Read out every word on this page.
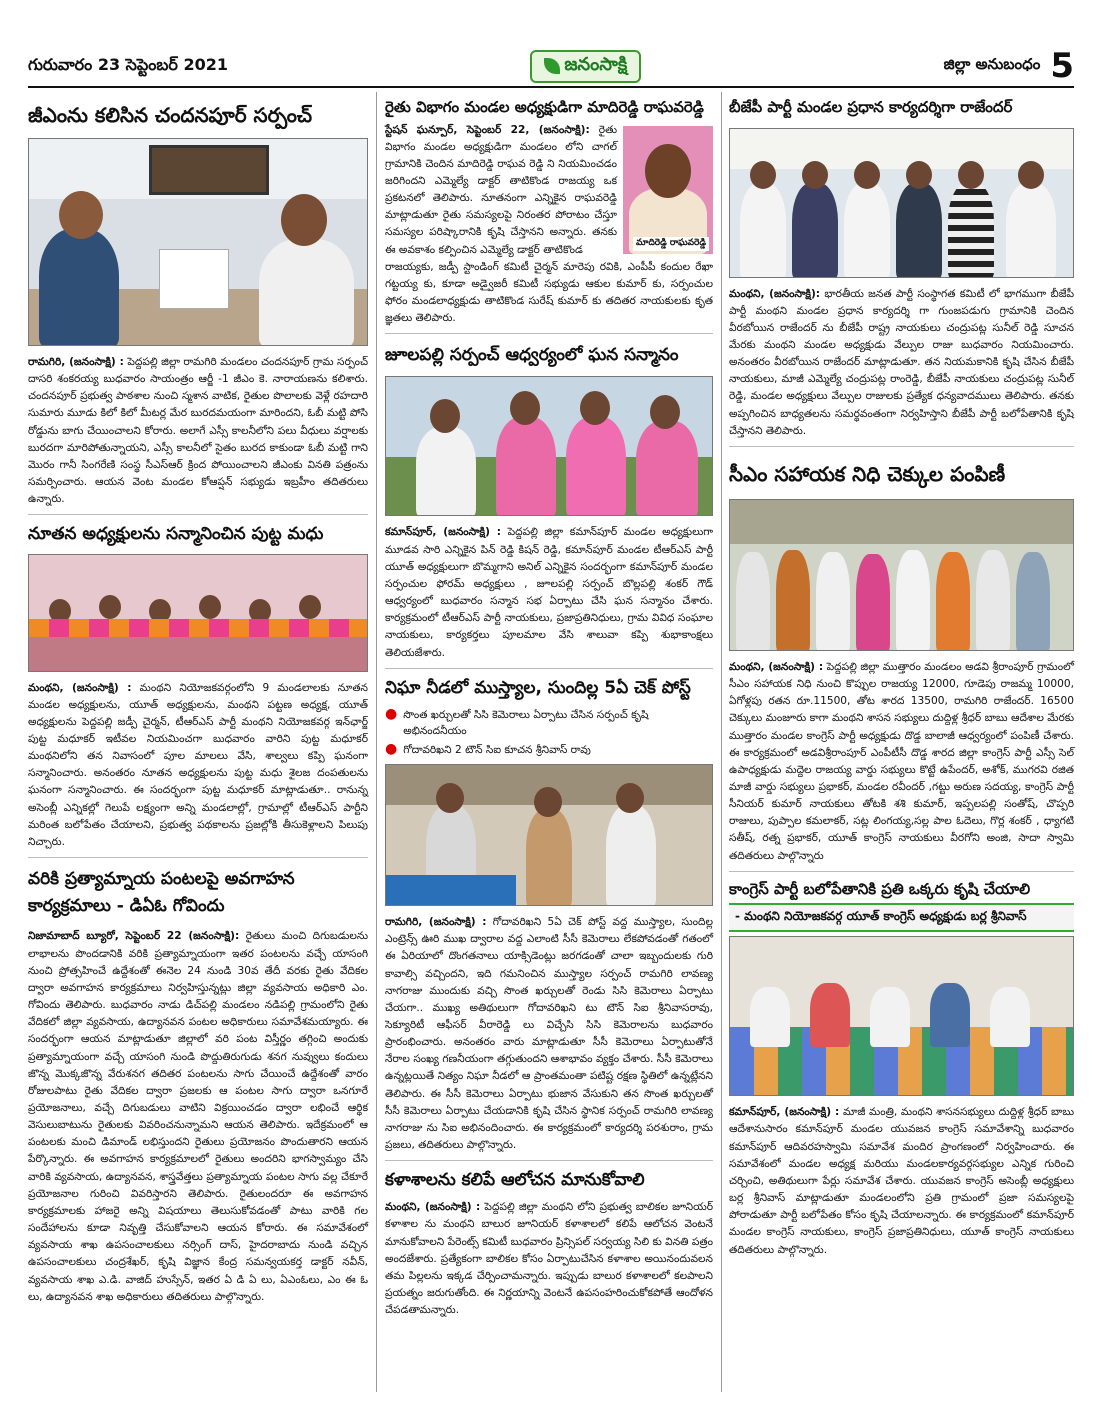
గురువారం 23 సెప్టెంబర్ 2021	జనంసాక్షి	జిల్లా అనుబంధం 5
జీఎంను కలిసిన చందనపూర్ సర్పంచ్

రామగిరి, (జనంసాక్షి) : పెద్దపల్లి జిల్లా రామగిరి మండలం చందనపూర్ గ్రామ సర్పంచ్ దాసరి శంకరయ్య బుధవారం సాయంత్రం ఆర్జీ -1 జీఎం కె. నారాయణను కలిశారు. చందనపూర్ ప్రభుత్వ పాఠశాల నుంచి స్మశాన వాటిక, రైతుల పొలాలకు వెళ్లే రహదారి సుమారు మూడు కిలో కిలో మీటర్ల మేర బురదమయంగా మారిందని, ఓబీ మట్టి పోసి రోడ్డును బాగు చేయించాలని కోరారు. అలాగే ఎస్సీ కాలనీలోని పలు వీధులు వర్షాలకు బురదగా మారిపోతున్నాయని, ఎస్సీ కాలనీలో సైతం బురద కాకుండా ఓబీ మట్టి గాని మొరం గానీ సింగరేణి సంస్థ సీఎస్ఆర్ క్రింద పోయించాలని జీఎంకు వినతి పత్రంను సమర్పించారు. ఆయన వెంట మండల కోఆప్షన్ సభ్యుడు ఇబ్రహీం తదితరులు ఉన్నారు.

నూతన అధ్యక్షులను సన్మానించిన పుట్ట మధు

మంథని, (జనంసాక్షి) : మంథని నియోజకవర్గంలోని 9 మండలాలకు నూతన మండల అధ్యక్షులను, యూత్ అధ్యక్షులను, మంథని పట్టణ అధ్యక్ష, యూత్ అధ్యక్షులను పెద్దపల్లి జడ్పీ చైర్మన్, టీఆర్ఎస్ పార్టీ మంథని నియోజకవర్గ ఇన్‌ఛార్జ్ పుట్ట మధూకర్ ఇటీవల నియమించగా బుధవారం వారిని పుట్ట మధూకర్ మంథనిలోని తన నివాసంలో పూల మాలలు వేసి, శాల్వలు కప్పి ఘనంగా సన్మానించారు. అనంతరం నూతన అధ్యక్షులను పుట్ట మధు శైలజ దంపతులను ఘనంగా సన్మానించారు. ఈ సందర్భంగా పుట్ట మధూకర్ మాట్లాడుతూ.. రానున్న అసెంబ్లీ ఎన్నికల్లో గెలుపే లక్ష్యంగా అన్ని మండలాల్లో, గ్రామాల్లో టీఆర్ఎస్ పార్టీని మరింత బలోపేతం చేయాలని, ప్రభుత్వ పథకాలను ప్రజల్లోకి తీసుకెళ్లాలని పిలుపు నిచ్చారు.

వరికి ప్రత్యామ్నాయ పంటలపై అవగాహన కార్యక్రమాలు - డిఏఓ గోవిందు

నిజామాబాద్ బ్యూరో, సెప్టెంబర్ 22 (జనంసాక్షి): రైతులు మంచి దిగుబడులను లాభాలను పొందడానికి వరికి ప్రత్యామ్నాయంగా ఇతర పంటలను వచ్చే యాసంగి నుంచి ప్రోత్సహించే ఉద్దేశంతో ఈనెల 24 నుండి 30వ తేదీ వరకు రైతు వేదికల ద్వారా అవగాహన కార్యక్రమాలు నిర్వహిస్తున్నట్లు జిల్లా వ్యవసాయ అధికారి ఎం. గోవిందు తెలిపారు. బుధవారం నాడు డిచ్‌పల్లి మండలం నడిపల్లి గ్రామంలోని రైతు వేదికలో జిల్లా వ్యవసాయ, ఉద్యానవన పంటల అధికారులు సమావేశమయ్యారు. ఈ సందర్భంగా ఆయన మాట్లాడుతూ జిల్లాలో వరి పంట విస్తీర్ణం తగ్గించి అందుకు ప్రత్యామ్నాయంగా వచ్చే యాసంగి నుండి పొద్దుతిరుగుడు శనగ నువ్వులు కందులు జొన్న మొక్కజొన్న వేరుశనగ తదితర పంటలను సాగు చేయించే ఉద్దేశంతో వారం రోజులపాటు రైతు వేదికల ద్వారా ప్రజలకు ఆ పంటల సాగు ద్వారా ఒనగూరే ప్రయోజనాలు, వచ్చే దిగుబడులు వాటిని విక్రయించడం ద్వారా లభించే ఆర్థిక వెసులుబాటును రైతులకు వివరించనున్నామని ఆయన తెలిపారు. ఇదేక్రమంలో ఆ పంటలకు మంచి డిమాండ్ లభిస్తుందని రైతులు ప్రయోజనం పొందుతారని ఆయన పేర్కొన్నారు. ఈ అవగాహన కార్యక్రమాలలో రైతులు అందరిని భాగస్వామ్యం చేసి వారికి వ్యవసాయ, ఉద్యానవన, శాస్త్రవేత్తలు ప్రత్యామ్నాయ పంటల సాగు వల్ల చేకూరే ప్రయోజనాల గురించి వివరిస్తారని తెలిపారు. రైతులందరూ ఈ అవగాహన కార్యక్రమాలకు హాజరై అన్ని విషయాలు తెలుసుకోవడంతో పాటు వారికి గల సందేహాలను కూడా నివృత్తి చేసుకోవాలని ఆయన కోరారు. ఈ సమావేశంలో వ్యవసాయ శాఖ ఉపసంచాలకులు నర్సింగ్ దాస్, హైదరాబాదు నుండి వచ్చిన ఉపసంచాలకులు చంద్రశేఖర్, కృషి విజ్ఞాన కేంద్ర సమన్వయకర్త డాక్టర్ నవీన్, వ్యవసాయ శాఖ ఎ.డి. వాజిద్ హుస్సేన్, ఇతర ఏ డి ఏ లు, ఏఎంఓలు, ఎం ఈ ఓ లు, ఉద్యానవన శాఖ అధికారులు తదితరులు పాల్గొన్నారు.

రైతు విభాగం మండల అధ్యక్షుడిగా మాదిరెడ్డి రాఘవరెడ్డి

స్టేషన్ ఘన్పూర్, సెప్టెంబర్ 22, (జనంసాక్షి): రైతు విభాగం మండల అధ్యక్షుడిగా మండలం లోని చాగల్ గ్రామానికి చెందిన మాదిరెడ్డి రాఘవ రెడ్డి ని నియమించడం జరిగిందని ఎమ్మెల్యే డాక్టర్ తాటికొండ రాజయ్య ఒక ప్రకటనలో తెలిపారు. నూతనంగా ఎన్నికైన రాఘవరెడ్డి మాట్లాడుతూ రైతు సమస్యలపై నిరంతర పోరాటం చేస్తూ సమస్యల పరిష్కారానికి కృషి చేస్తానని అన్నారు. తనకు ఈ అవకాశం కల్పించిన ఎమ్మెల్యే డాక్టర్ తాటికొండ

మాదిరెడ్డి రాఘవరెడ్డి

రాజయ్యకు, జడ్పీ స్టాండింగ్ కమిటీ చైర్మన్ మారెపు రవికి, ఎంపీపీ కందుల రేఖా గట్టయ్య కు, కూడా అడ్వైజరీ కమిటీ సభ్యుడు ఆకుల కుమార్ కు, సర్పంచుల ఫోరం మండలాధ్యక్షుడు తాటికొండ సురేష్ కుమార్ కు తదితర నాయకులకు కృత జ్ఞతలు తెలిపారు.

జూలపల్లి సర్పంచ్ ఆధ్వర్యంలో ఘన సన్మానం

కమాన్‌పూర్, (జనంసాక్షి) : పెద్దపల్లి జిల్లా కమాన్‌పూర్ మండల అధ్యక్షులుగా మూడవ సారి ఎన్నికైన పిన్ రెడ్డి కిషన్ రెడ్డి, కమాన్‌పూర్ మండల టీఆర్ఎస్ పార్టీ యూత్ అధ్యక్షులుగా బొమ్మగాని అనిల్ ఎన్నికైన సందర్భంగా కమాన్‌పూర్ మండల సర్పంచుల ఫోరమ్ అధ్యక్షులు , జూలపల్లి సర్పంచ్ బొల్లపల్లి శంకర్ గౌడ్ ఆధ్వర్యంలో బుధవారం సన్మాన సభ ఏర్పాటు చేసి ఘన సన్మానం చేశారు. కార్యక్రమంలో టీఆర్ఎస్ పార్టీ నాయకులు, ప్రజాప్రతినిధులు, గ్రామ వివిధ సంఘాల నాయకులు, కార్యకర్తలు పూలమాల వేసి శాలువా కప్పి శుభాకాంక్షలు తెలియజేశారు.

నిఘా నీడలో ముస్త్యాల, సుందిల్ల 5ఏ చెక్ పోస్ట్
● సొంత ఖర్చులతో సిసి కెమెరాలు ఏర్పాటు చేసిన సర్పంచ్ కృషి అభినందనీయం
● గోదావరిఖని 2 టౌన్ సిఐ కూచన శ్రీనివాస్ రావు

రామగిరి, (జనంసాక్షి) : గోదావరిఖని 5ఏ చెక్ పోస్ట్ వద్ద ముస్త్యాల, సుందిల్ల ఎంట్రెన్స్ ఊరి ముఖ ద్వారాల వద్ద ఎలాంటి సీసీ కెమెరాలు లేకపోవడంతో గతంలో ఈ ఏరియాలో దొంగతనాలు యాక్సిడెంట్లు జరగడంతో చాలా ఇబ్బందులకు గురి కావాల్సి వచ్చిందని, ఇది గమనించిన ముస్త్యాల సర్పంచ్ రామగిరి లావణ్య నాగరాజు ముందుకు వచ్చి సొంత ఖర్చులతో రెండు సిసి కెమెరాలు ఏర్పాటు చేయగా.. ముఖ్య అతిథులుగా గోదావరిఖని టు టౌన్ సిఐ శ్రీనివాసరావు, సెక్యూరిటీ ఆఫీసర్ వీరారెడ్డి లు విచ్చేసి సిసి కెమెరాలను బుధవారం ప్రారంభించారు. అనంతరం వారు మాట్లాడుతూ సీసీ కెమెరాలు ఏర్పాటుతోనే నేరాల సంఖ్య గణనీయంగా తగ్గుతుందని ఆశాభావం వ్యక్తం చేశారు. సీసీ కెమెరాలు ఉన్నట్లయితే నిత్యం నిఘా నీడలో ఆ ప్రాంతమంతా పటిష్ట రక్షణ స్థితిలో ఉన్నట్లేనని తెలిపారు. ఈ సీసీ కెమెరాలు ఏర్పాటు భుజాన వేసుకుని తన సొంత ఖర్చులతో సీసీ కెమెరాలు ఏర్పాటు చేయడానికి కృషి చేసిన స్థానిక సర్పంచ్ రామగిరి లావణ్య నాగరాజు ను సిఐ అభినందించారు. ఈ కార్యక్రమంలో కార్యదర్శి పరశురాం, గ్రామ ప్రజలు, తదితరులు పాల్గొన్నారు.

కళాశాలను కలిపే ఆలోచన మానుకోవాలి

మంథని, (జనంసాక్షి) : పెద్దపల్లి జిల్లా మంథని లోని ప్రభుత్వ బాలికల జూనియర్ కళాశాల ను మంథని బాలుర జూనియర్ కళాశాలలో కలిపే ఆలోచన వెంటనే మానుకోవాలని పేరెంట్స్ కమిటీ బుధవారం ప్రిన్సిపల్ సర్వయ్య సిలి కు వినతి పత్రం అందజేశారు. ప్రత్యేకంగా బాలికల కోసం ఏర్పాటుచేసిన కళాశాల అయినందువలన తమ పిల్లలను ఇక్కడ చేర్పించామన్నారు. ఇప్పుడు బాలుర కళాశాలలో కలపాలని ప్రయత్నం జరుగుతోంది. ఈ నిర్ణయాన్ని వెంటనే ఉపసంహరించుకోకపోతే ఆందోళన చేపడతామన్నారు.

బీజేపీ పార్టీ మండల ప్రధాన కార్యదర్శిగా రాజేందర్

మంథని, (జనంసాక్షి): భారతీయ జనత పార్టీ సంస్థాగత కమిటీ లో భాగముగా బీజేపీ పార్టీ మంథని మండల ప్రధాన కార్యదర్శి గా గుంజపడుగు గ్రామానికి చెందిన వీరబోయిన రాజేందర్ ను బీజేపీ రాష్ట్ర నాయకులు చంద్రుపట్ల సునీల్ రెడ్డి సూచన మేరకు మంథని మండల అధ్యక్షుడు వేల్పుల రాజు బుధవారం నియమించారు. అనంతరం వీరబోయిన రాజేందర్ మాట్లాడుతూ. తన నియమకానికి కృషి చేసిన బీజేపీ నాయకులు, మాజీ ఎమ్మెల్యే చంద్రుపట్ల రాంరెడ్డి, బీజేపీ నాయకులు చంద్రుపట్ల సునీల్ రెడ్డి, మండల అధ్యక్షులు వేల్పుల రాజులకు ప్రత్యేక ధన్యవాదములు తెలిపారు. తనకు అప్పగించిన బాధ్యతలను సమర్థవంతంగా నిర్వహిస్తాని బీజేపీ పార్టీ బలోపేతానికి కృషి చేస్తానని తెలిపారు.

సీఎం సహాయక నిధి చెక్కుల పంపిణీ

మంథని, (జనంసాక్షి) : పెద్దపల్లి జిల్లా ముత్తారం మండలం అడవి శ్రీరాంపూర్ గ్రామంలో సీఎం సహాయక నిధి నుంచి కొప్పుల రాజయ్య 12000, గూడెపు రాజమ్మ 10000, ఏగోళ్లపు రతన రూ.11500, తోట శారద 13500, రామగిరి రాజేందర్. 16500 చెక్కులు మంజూరు కాగా మంథని శాసన సభ్యులు దుద్దిళ్ల శ్రీధర్ బాబు ఆదేశాల మేరకు ముత్తారం మండల కాంగ్రెస్ పార్టీ అధ్యక్షుడు దొడ్డ బాలాజీ ఆధ్వర్యంలో పంపిణీ చేశారు. ఈ కార్యక్రమంలో అడవిశ్రీరాంపూర్ ఎంపీటీసీ దొడ్డ శారద జిల్లా కాంగ్రెస్ పార్టీ ఎస్సీ సెల్ ఉపాధ్యక్షుడు మద్దెల రాజయ్య వార్డు సభ్యులు కొట్టే ఉపేందర్, అశోక్, ముగరవి రజిత మాజీ వార్డు సభ్యులు ప్రభాకర్, మండల రవీందర్ ,గట్టు అరుణ సదయ్య, కాంగ్రెస్ పార్టీ సీనియర్ కుమార్ నాయకులు తోటకి శశి కుమార్, ఇప్పలపల్లి సంతోష్, చొప్పరి రాజులు, పుప్పాల కమలాకర్, సట్ల లింగయ్య,సల్ల పాల ఓదెలు, గొర్ల శంకర్ , ధ్యాగటి సతీష్, రత్న ప్రభాకర్, యూత్ కాంగ్రెస్ నాయకులు వీరగోని అంజి, సాదా స్వామి తదితరులు పాల్గొన్నారు

కాంగ్రెస్ పార్టీ బలోపేతానికి ప్రతి ఒక్కరు కృషి చేయాలి
- మంథని నియోజకవర్గ యూత్ కాంగ్రెస్ అధ్యక్షుడు బర్ల శ్రీనివాస్

కమాన్‌పూర్, (జనంసాక్షి) : మాజీ మంత్రి, మంథని శాసనసభ్యులు దుద్దిళ్ల శ్రీధర్ బాబు ఆదేశానుసారం కమాన్‌పూర్ మండల యువజన కాంగ్రెస్ సమావేశాన్ని బుధవారం కమాన్‌పూర్ ఆదివరహస్వామి సమావేశ మందిర ప్రాంగణంలో నిర్వహించారు. ఈ సమావేశంలో మండల అధ్యక్ష మరియు మండలకార్యవర్గసభ్యుల ఎన్నిక గురించి చర్చించి, అతిథులుగా పేర్లు సమావేశ చేశారు. యువజన కాంగ్రెస్ అసెంబ్లీ అధ్యక్షులు బర్ల శ్రీనివాస్ మాట్లాడుతూ మండలంలోని ప్రతి గ్రామంలో ప్రజా సమస్యలపై పోరాడుతూ పార్టీ బలోపేతం కోసం కృషి చేయాలన్నారు. ఈ కార్యక్రమంలో కమాన్‌పూర్ మండల కాంగ్రెస్ నాయకులు, కాంగ్రెస్ ప్రజాప్రతినిధులు, యూత్ కాంగ్రెస్ నాయకులు తదితరులు పాల్గొన్నారు.
